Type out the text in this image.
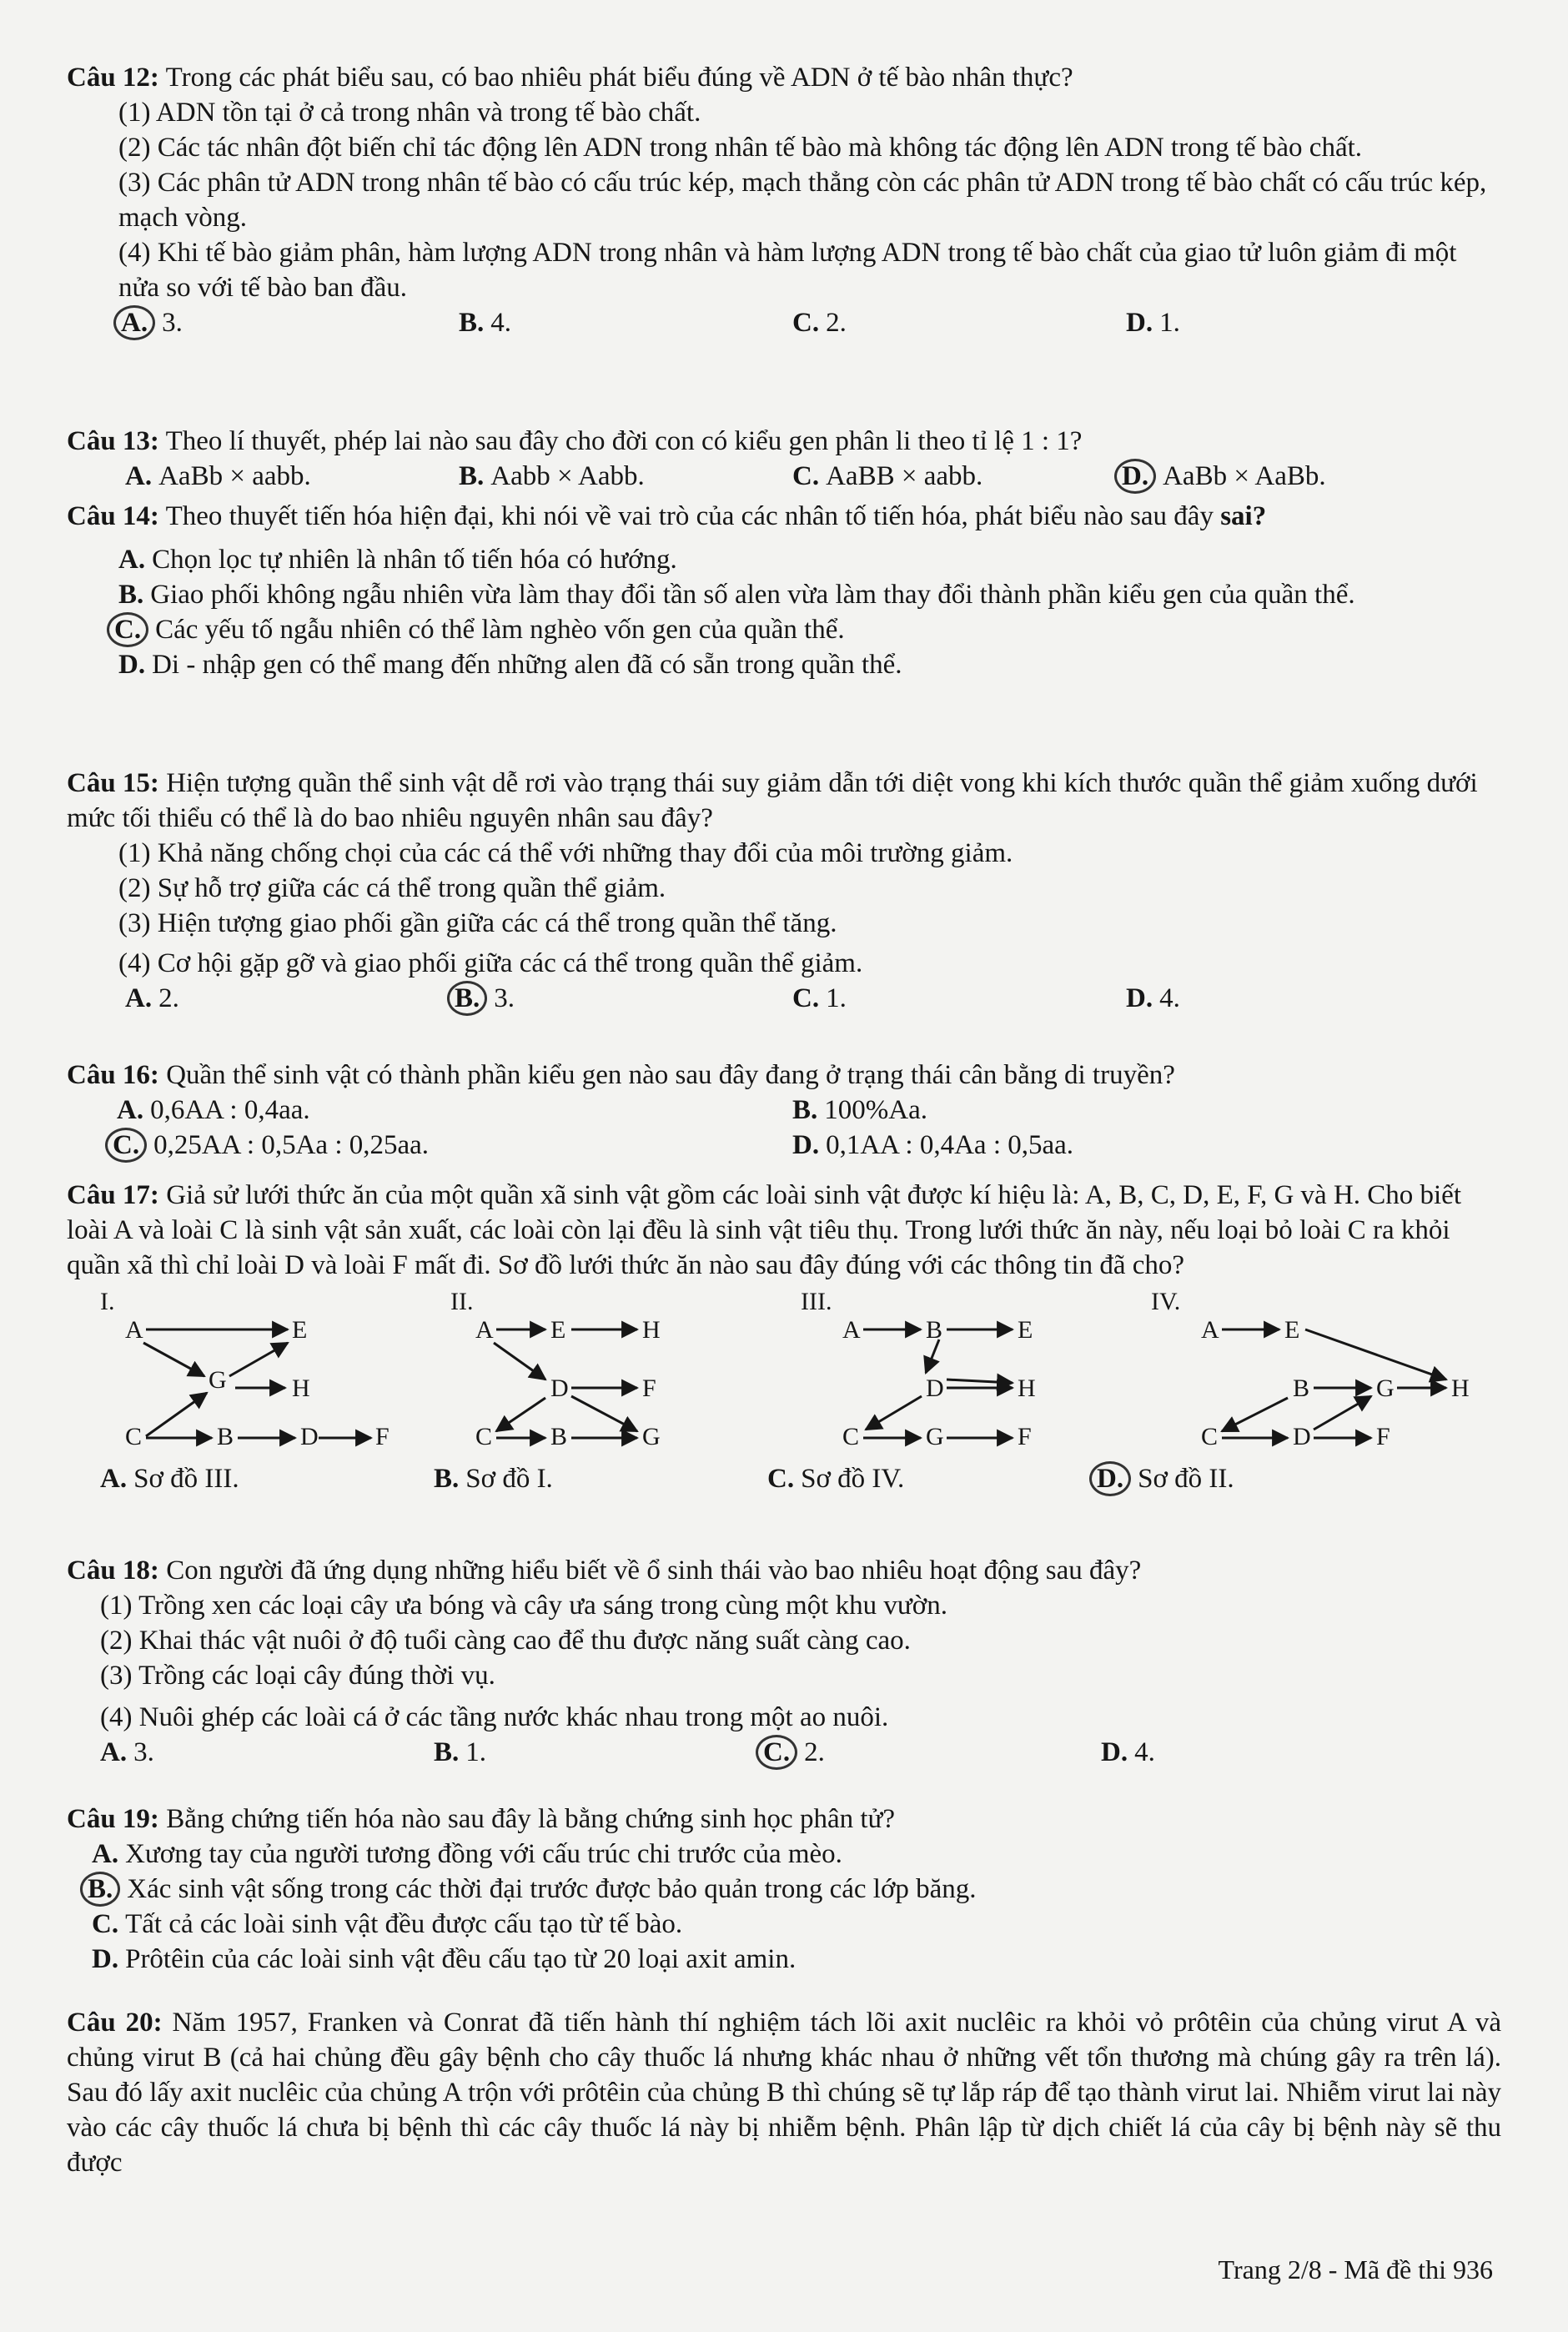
Câu 12: Trong các phát biểu sau, có bao nhiêu phát biểu đúng về ADN ở tế bào nhân thực?

(1) ADN tồn tại ở cả trong nhân và trong tế bào chất.

(2) Các tác nhân đột biến chỉ tác động lên ADN trong nhân tế bào mà không tác động lên ADN trong tế bào chất.

(3) Các phân tử ADN trong nhân tế bào có cấu trúc kép, mạch thẳng còn các phân tử ADN trong tế bào chất có cấu trúc kép, mạch vòng.

(4) Khi tế bào giảm phân, hàm lượng ADN trong nhân và hàm lượng ADN trong tế bào chất của giao tử luôn giảm đi một nửa so với tế bào ban đầu.

A. 3.	B. 4.	C. 2.	D. 1.

Câu 13: Theo lí thuyết, phép lai nào sau đây cho đời con có kiểu gen phân li theo tỉ lệ 1 : 1?

A. AaBb × aabb.	B. Aabb × Aabb.	C. AaBB × aabb.	D. AaBb × AaBb.

Câu 14: Theo thuyết tiến hóa hiện đại, khi nói về vai trò của các nhân tố tiến hóa, phát biểu nào sau đây sai?

A. Chọn lọc tự nhiên là nhân tố tiến hóa có hướng.

B. Giao phối không ngẫu nhiên vừa làm thay đổi tần số alen vừa làm thay đổi thành phần kiểu gen của quần thể.

C. Các yếu tố ngẫu nhiên có thể làm nghèo vốn gen của quần thể.

D. Di - nhập gen có thể mang đến những alen đã có sẵn trong quần thể.

Câu 15: Hiện tượng quần thể sinh vật dễ rơi vào trạng thái suy giảm dẫn tới diệt vong khi kích thước quần thể giảm xuống dưới mức tối thiểu có thể là do bao nhiêu nguyên nhân sau đây?

(1) Khả năng chống chọi của các cá thể với những thay đổi của môi trường giảm.

(2) Sự hỗ trợ giữa các cá thể trong quần thể giảm.

(3) Hiện tượng giao phối gần giữa các cá thể trong quần thể tăng.

(4) Cơ hội gặp gỡ và giao phối giữa các cá thể trong quần thể giảm.

A. 2.	B. 3.	C. 1.	D. 4.

Câu 16: Quần thể sinh vật có thành phần kiểu gen nào sau đây đang ở trạng thái cân bằng di truyền?

A. 0,6AA : 0,4aa.	B. 100%Aa.
C. 0,25AA : 0,5Aa : 0,25aa.	D. 0,1AA : 0,4Aa : 0,5aa.

Câu 17: Giả sử lưới thức ăn của một quần xã sinh vật gồm các loài sinh vật được kí hiệu là: A, B, C, D, E, F, G và H. Cho biết loài A và loài C là sinh vật sản xuất, các loài còn lại đều là sinh vật tiêu thụ. Trong lưới thức ăn này, nếu loại bỏ loài C ra khỏi quần xã thì chỉ loài D và loài F mất đi. Sơ đồ lưới thức ăn nào sau đây đúng với các thông tin đã cho?

I.
A	E
G	H
C	B	D F
II.
A E	H
D	F
C B	G
III.
A	B	E
D	H
C	G	F
IV.
A	E
B	G H
C	D	F
A. Sơ đồ III.	B. Sơ đồ I.	C. Sơ đồ IV.	D. Sơ đồ II.

Câu 18: Con người đã ứng dụng những hiểu biết về ổ sinh thái vào bao nhiêu hoạt động sau đây?

(1) Trồng xen các loại cây ưa bóng và cây ưa sáng trong cùng một khu vườn.

(2) Khai thác vật nuôi ở độ tuổi càng cao để thu được năng suất càng cao.

(3) Trồng các loại cây đúng thời vụ.

(4) Nuôi ghép các loài cá ở các tầng nước khác nhau trong một ao nuôi.

A. 3.	B. 1.	C. 2.	D. 4.

Câu 19: Bằng chứng tiến hóa nào sau đây là bằng chứng sinh học phân tử?

A. Xương tay của người tương đồng với cấu trúc chi trước của mèo.

B. Xác sinh vật sống trong các thời đại trước được bảo quản trong các lớp băng.

C. Tất cả các loài sinh vật đều được cấu tạo từ tế bào.

D. Prôtêin của các loài sinh vật đều cấu tạo từ 20 loại axit amin.

Câu 20: Năm 1957, Franken và Conrat đã tiến hành thí nghiệm tách lõi axit nuclêic ra khỏi vỏ prôtêin của chủng virut A và chủng virut B (cả hai chủng đều gây bệnh cho cây thuốc lá nhưng khác nhau ở những vết tổn thương mà chúng gây ra trên lá). Sau đó lấy axit nuclêic của chủng A trộn với prôtêin của chủng B thì chúng sẽ tự lắp ráp để tạo thành virut lai. Nhiễm virut lai này vào các cây thuốc lá chưa bị bệnh thì các cây thuốc lá này bị nhiễm bệnh. Phân lập từ dịch chiết lá của cây bị bệnh này sẽ thu được

Trang 2/8 - Mã đề thi 936
